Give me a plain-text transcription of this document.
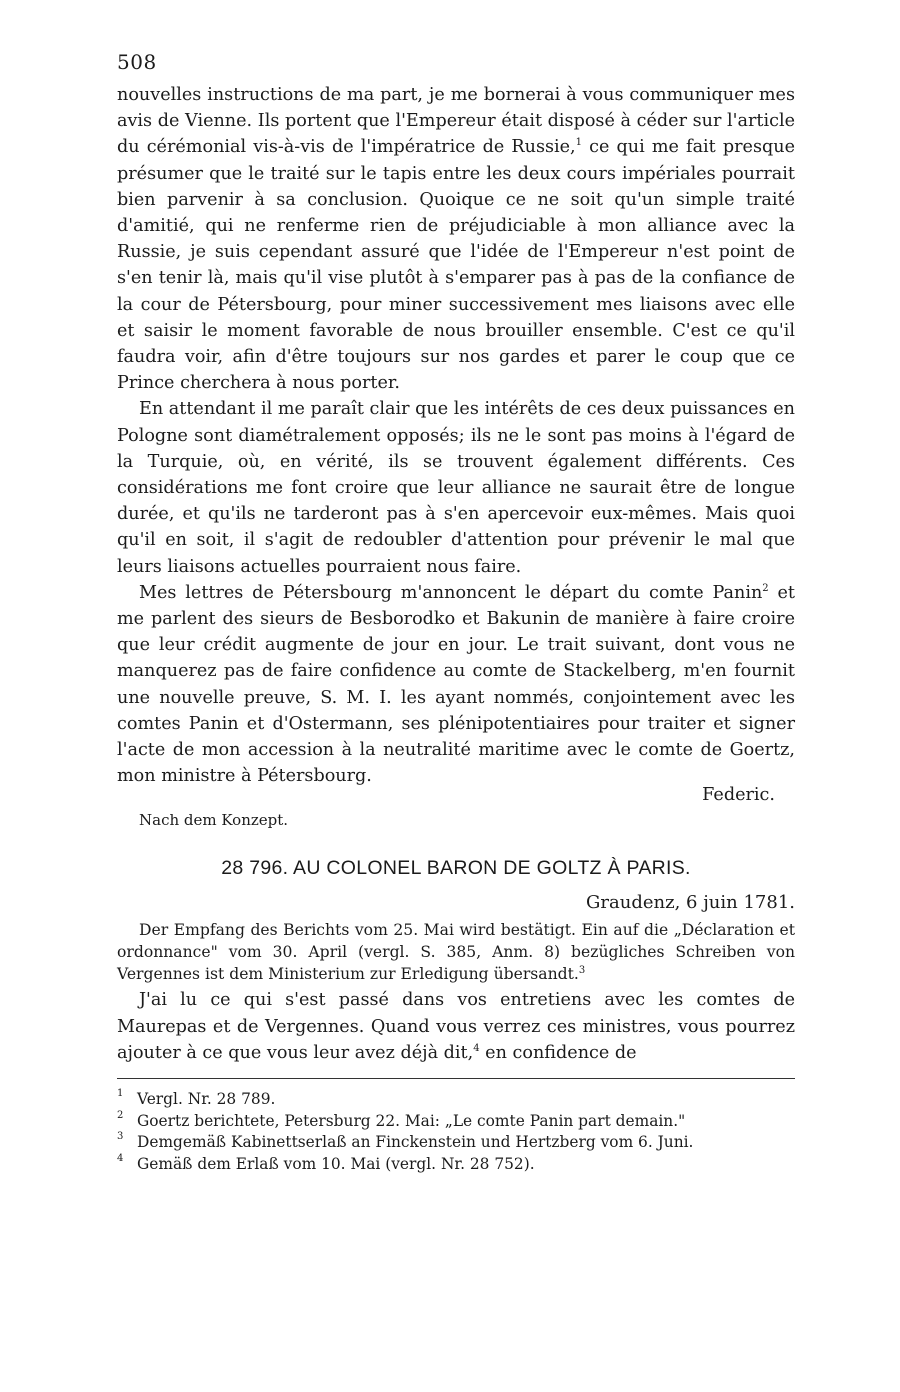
508

nouvelles instructions de ma part, je me bornerai à vous communiquer mes avis de Vienne. Ils portent que l'Empereur était disposé à céder sur l'article du cérémonial vis-à-vis de l'impératrice de Russie,$^1$ ce qui me fait presque présumer que le traité sur le tapis entre les deux cours impériales pourrait bien parvenir à sa conclusion. Quoique ce ne soit qu'un simple traité d'amitié, qui ne renferme rien de préjudiciable à mon alliance avec la Russie, je suis cependant assuré que l'idée de l'Empereur n'est point de s'en tenir là, mais qu'il vise plutôt à s'emparer pas à pas de la confiance de la cour de Pétersbourg, pour miner successivement mes liaisons avec elle et saisir le moment favorable de nous brouiller ensemble. C'est ce qu'il faudra voir, afin d'être toujours sur nos gardes et parer le coup que ce Prince cherchera à nous porter.

En attendant il me paraît clair que les intérêts de ces deux puissances en Pologne sont diamétralement opposés; ils ne le sont pas moins à l'égard de la Turquie, où, en vérité, ils se trouvent également différents. Ces considérations me font croire que leur alliance ne saurait être de longue durée, et qu'ils ne tarderont pas à s'en apercevoir eux-mêmes. Mais quoi qu'il en soit, il s'agit de redoubler d'attention pour prévenir le mal que leurs liaisons actuelles pourraient nous faire.

Mes lettres de Pétersbourg m'annoncent le départ du comte Panin$^2$ et me parlent des sieurs de Besborodko et Bakunin de manière à faire croire que leur crédit augmente de jour en jour. Le trait suivant, dont vous ne manquerez pas de faire confidence au comte de Stackelberg, m'en fournit une nouvelle preuve, S. M. I. les ayant nommés, conjointement avec les comtes Panin et d'Ostermann, ses plénipotentiaires pour traiter et signer l'acte de mon accession à la neutralité maritime avec le comte de Goertz, mon ministre à Pétersbourg.

Federic.
Nach dem Konzept.
28 796. AU COLONEL BARON DE GOLTZ À PARIS.
Graudenz, 6 juin 1781.
Der Empfang des Berichts vom 25. Mai wird bestätigt. Ein auf die „Déclaration et ordonnance" vom 30. April (vergl. S. 385, Anm. 8) bezügliches Schreiben von Vergennes ist dem Ministerium zur Erledigung übersandt.$^3$

J'ai lu ce qui s'est passé dans vos entretiens avec les comtes de Maurepas et de Vergennes. Quand vous verrez ces ministres, vous pourrez ajouter à ce que vous leur avez déjà dit,$^4$ en confidence de

1 Vergl. Nr. 28 789.
2 Goertz berichtete, Petersburg 22. Mai: „Le comte Panin part demain."
3 Demgemäß Kabinettserlaß an Finckenstein und Hertzberg vom 6. Juni.
4 Gemäß dem Erlaß vom 10. Mai (vergl. Nr. 28 752).
